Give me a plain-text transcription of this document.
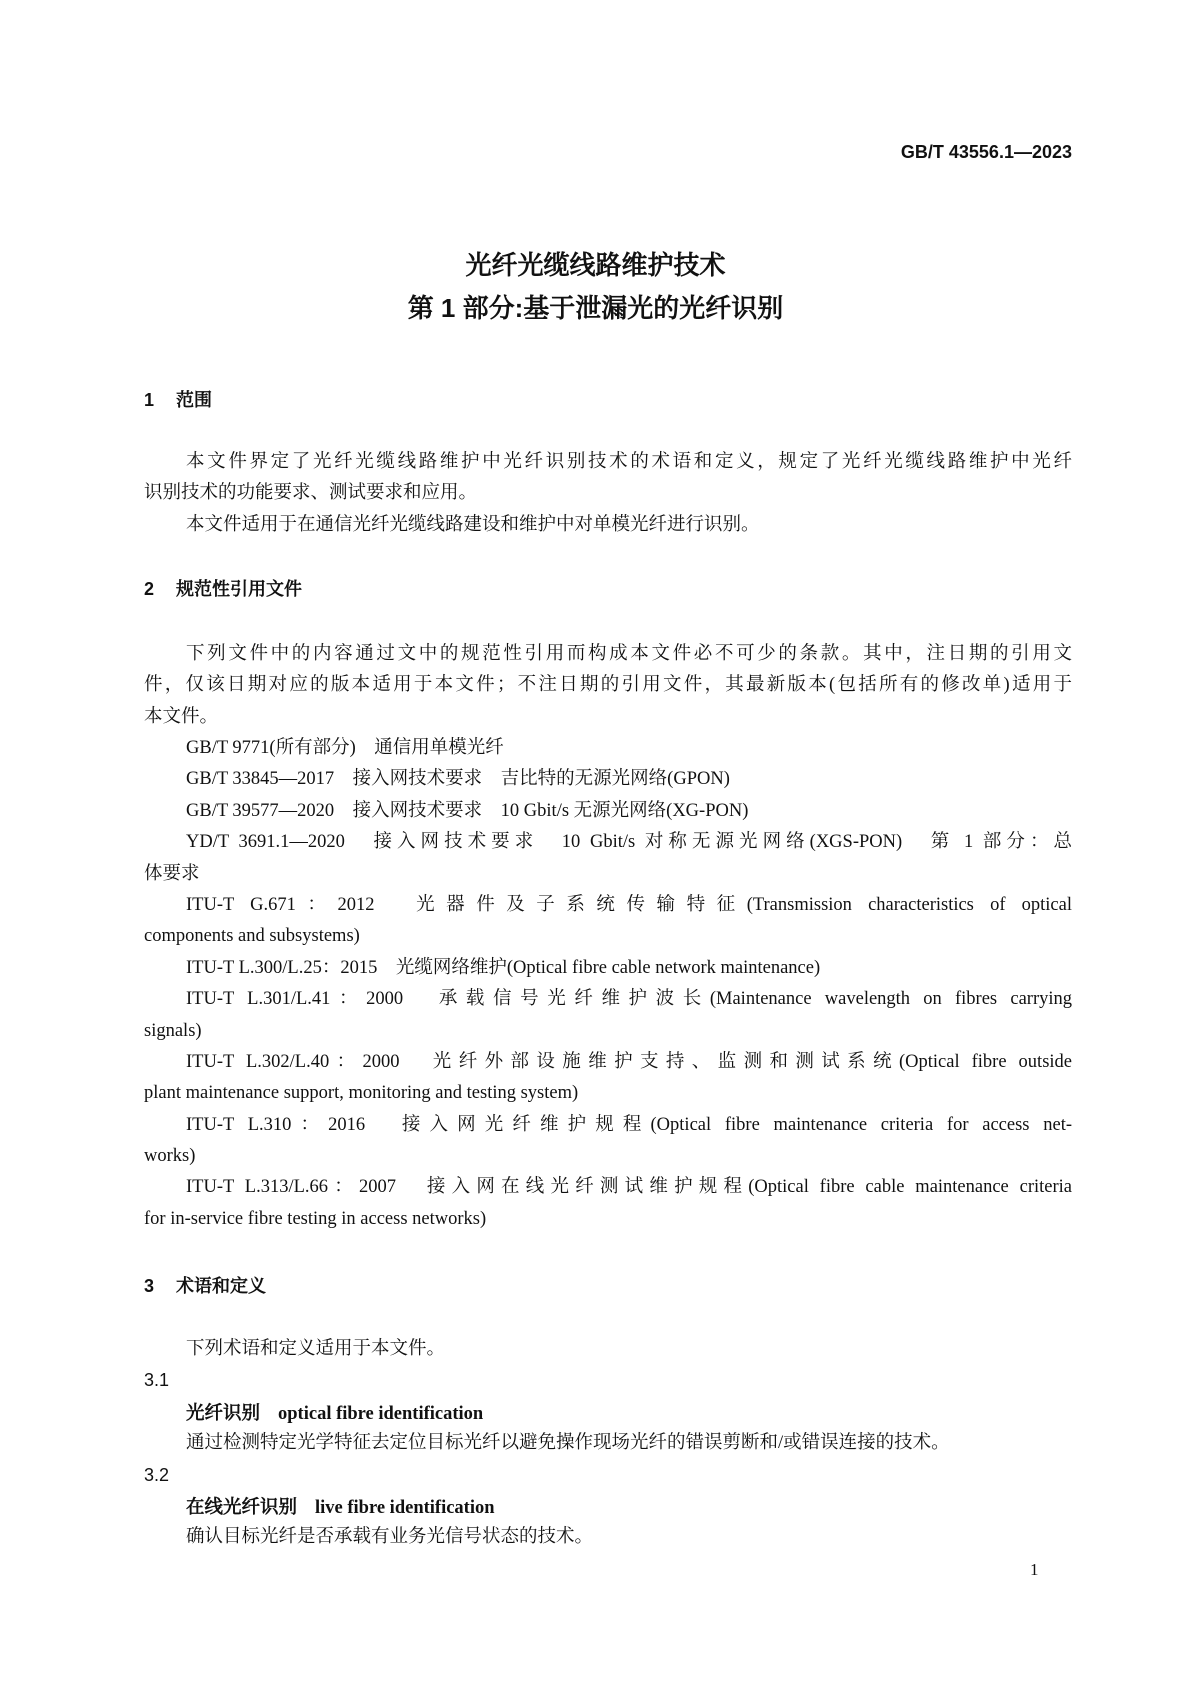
GB/T 43556.1—2023
光纤光缆线路维护技术
第 1 部分:基于泄漏光的光纤识别
1 范围
本文件界定了光纤光缆线路维护中光纤识别技术的术语和定义，规定了光纤光缆线路维护中光纤
识别技术的功能要求、测试要求和应用。
本文件适用于在通信光纤光缆线路建设和维护中对单模光纤进行识别。
2 规范性引用文件
下列文件中的内容通过文中的规范性引用而构成本文件必不可少的条款。其中，注日期的引用文
件，仅该日期对应的版本适用于本文件；不注日期的引用文件，其最新版本(包括所有的修改单)适用于
本文件。
GB/T 9771(所有部分)　通信用单模光纤
GB/T 33845—2017　接入网技术要求　吉比特的无源光网络(GPON)
GB/T 39577—2020　接入网技术要求　10 Gbit/s 无源光网络(XG-PON)
YD/T 3691.1—2020　接入网技术要求　10 Gbit/s 对称无源光网络(XGS-PON)　第 1 部分：总
体要求
ITU-T G.671：2012　光器件及子系统传输特征(Transmission characteristics of optical
components and subsystems)
ITU-T L.300/L.25：2015　光缆网络维护(Optical fibre cable network maintenance)
ITU-T L.301/L.41：2000　承载信号光纤维护波长(Maintenance wavelength on fibres carrying
signals)
ITU-T L.302/L.40：2000　光纤外部设施维护支持、监测和测试系统(Optical fibre outside
plant maintenance support, monitoring and testing system)
ITU-T L.310：2016　接入网光纤维护规程(Optical fibre maintenance criteria for access net-
works)
ITU-T L.313/L.66：2007　接入网在线光纤测试维护规程(Optical fibre cable maintenance criteria
for in-service fibre testing in access networks)
3 术语和定义
下列术语和定义适用于本文件。
3.1
光纤识别 optical fibre identification
通过检测特定光学特征去定位目标光纤以避免操作现场光纤的错误剪断和/或错误连接的技术。
3.2
在线光纤识别 live fibre identification
确认目标光纤是否承载有业务光信号状态的技术。
1
